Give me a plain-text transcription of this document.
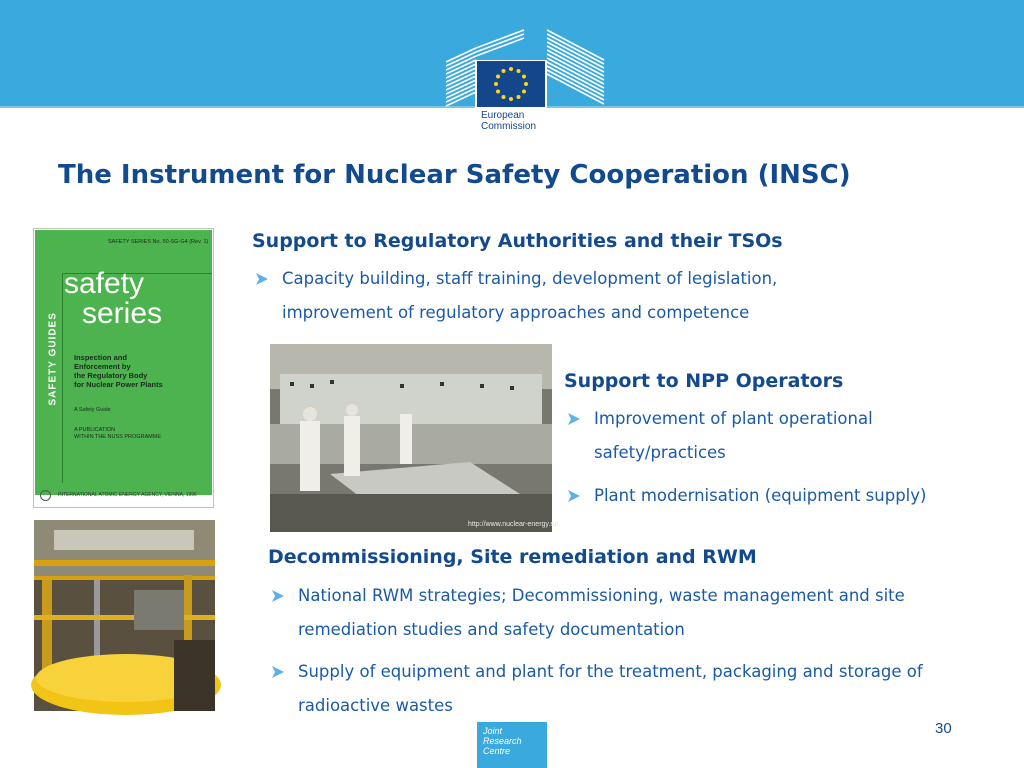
European
Commission
The Instrument for Nuclear Safety Cooperation (INSC)
SAFETY SERIES No. 50-SG-G4 (Rev. 1)
SAFETY GUIDES
safety
series
Inspection and
Enforcement by
the Regulatory Body
for Nuclear Power Plants
A Safety Guide
A PUBLICATION
WITHIN THE NUSS PROGRAMME
INTERNATIONAL ATOMIC ENERGY AGENCY, VIENNA, 1996
http://www.nuclear-energy.ru/...
Support to Regulatory Authorities and their TSOs
Capacity building, staff training, development of legislation, improvement of regulatory approaches and competence
Support to NPP Operators
Improvement of plant operational safety/practices
Plant modernisation (equipment supply)
Decommissioning, Site remediation and RWM
National RWM strategies; Decommissioning, waste management and site remediation studies and safety documentation
Supply of equipment and plant for the treatment, packaging and storage of radioactive wastes
30
Joint
Research
Centre
